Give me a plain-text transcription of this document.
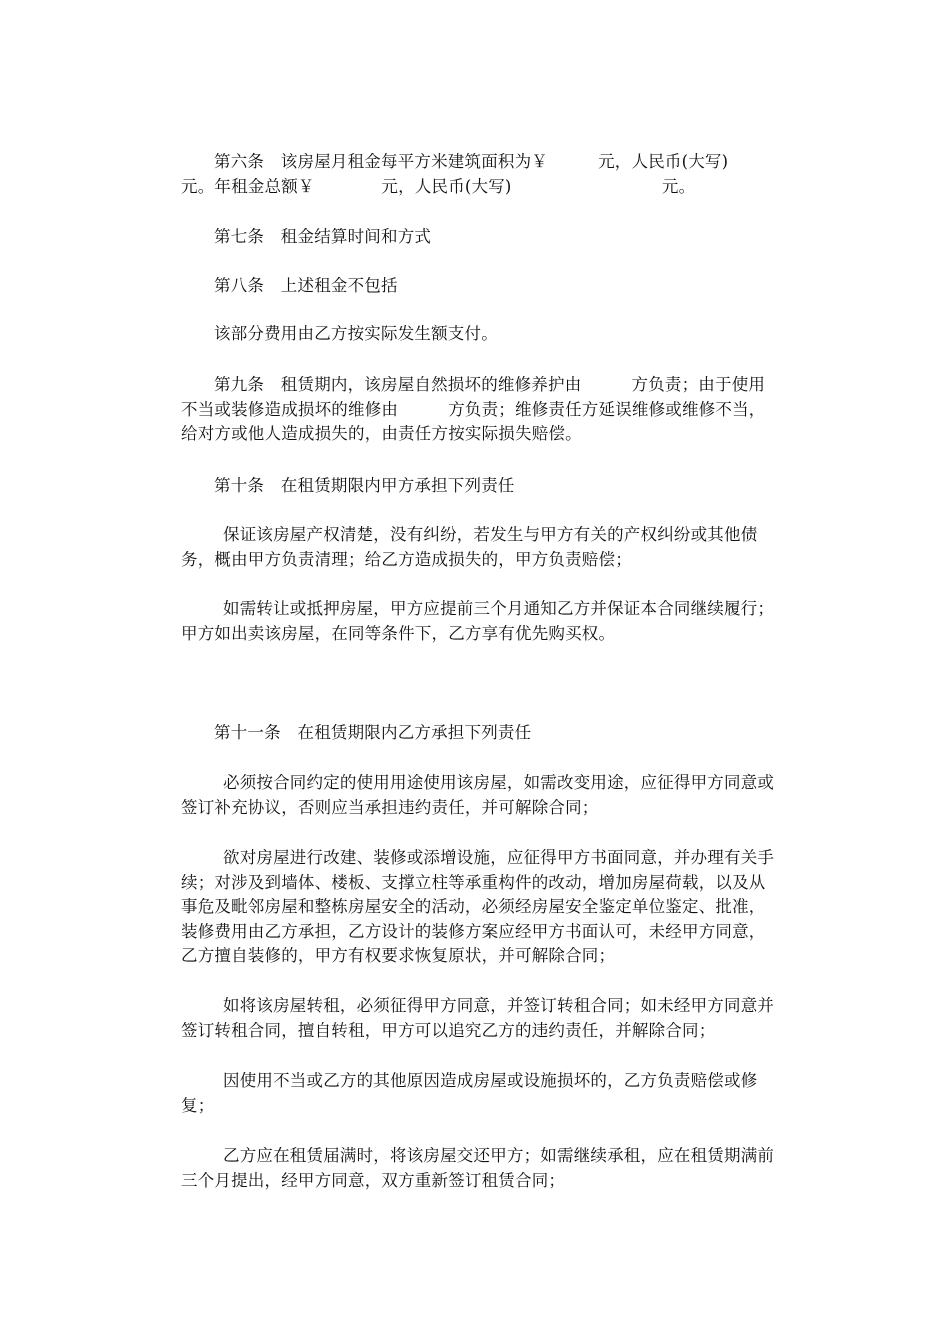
第六条　该房屋月租金每平方米建筑面积为￥　　　元，人民币(大写)　　　　　　元。年租金总额￥　　　　元，人民币(大写)　　　　　　　　　元。

第七条　租金结算时间和方式

第八条　上述租金不包括

该部分费用由乙方按实际发生额支付。

第九条　租赁期内，该房屋自然损坏的维修养护由　　　方负责；由于使用不当或装修造成损坏的维修由　　　方负责；维修责任方延误维修或维修不当，给对方或他人造成损失的，由责任方按实际损失赔偿。

第十条　在租赁期限内甲方承担下列责任

保证该房屋产权清楚，没有纠纷，若发生与甲方有关的产权纠纷或其他债务，概由甲方负责清理；给乙方造成损失的，甲方负责赔偿；

如需转让或抵押房屋，甲方应提前三个月通知乙方并保证本合同继续履行；甲方如出卖该房屋，在同等条件下，乙方享有优先购买权。

第十一条　在租赁期限内乙方承担下列责任

必须按合同约定的使用用途使用该房屋，如需改变用途，应征得甲方同意或签订补充协议，否则应当承担违约责任，并可解除合同；

欲对房屋进行改建、装修或添增设施，应征得甲方书面同意，并办理有关手续；对涉及到墙体、楼板、支撑立柱等承重构件的改动，增加房屋荷载，以及从事危及毗邻房屋和整栋房屋安全的活动，必须经房屋安全鉴定单位鉴定、批准，装修费用由乙方承担，乙方设计的装修方案应经甲方书面认可，未经甲方同意，乙方擅自装修的，甲方有权要求恢复原状，并可解除合同；

如将该房屋转租，必须征得甲方同意，并签订转租合同；如未经甲方同意并签订转租合同，擅自转租，甲方可以追究乙方的违约责任，并解除合同；

因使用不当或乙方的其他原因造成房屋或设施损坏的，乙方负责赔偿或修复；

乙方应在租赁届满时，将该房屋交还甲方；如需继续承租，应在租赁期满前三个月提出，经甲方同意，双方重新签订租赁合同；
